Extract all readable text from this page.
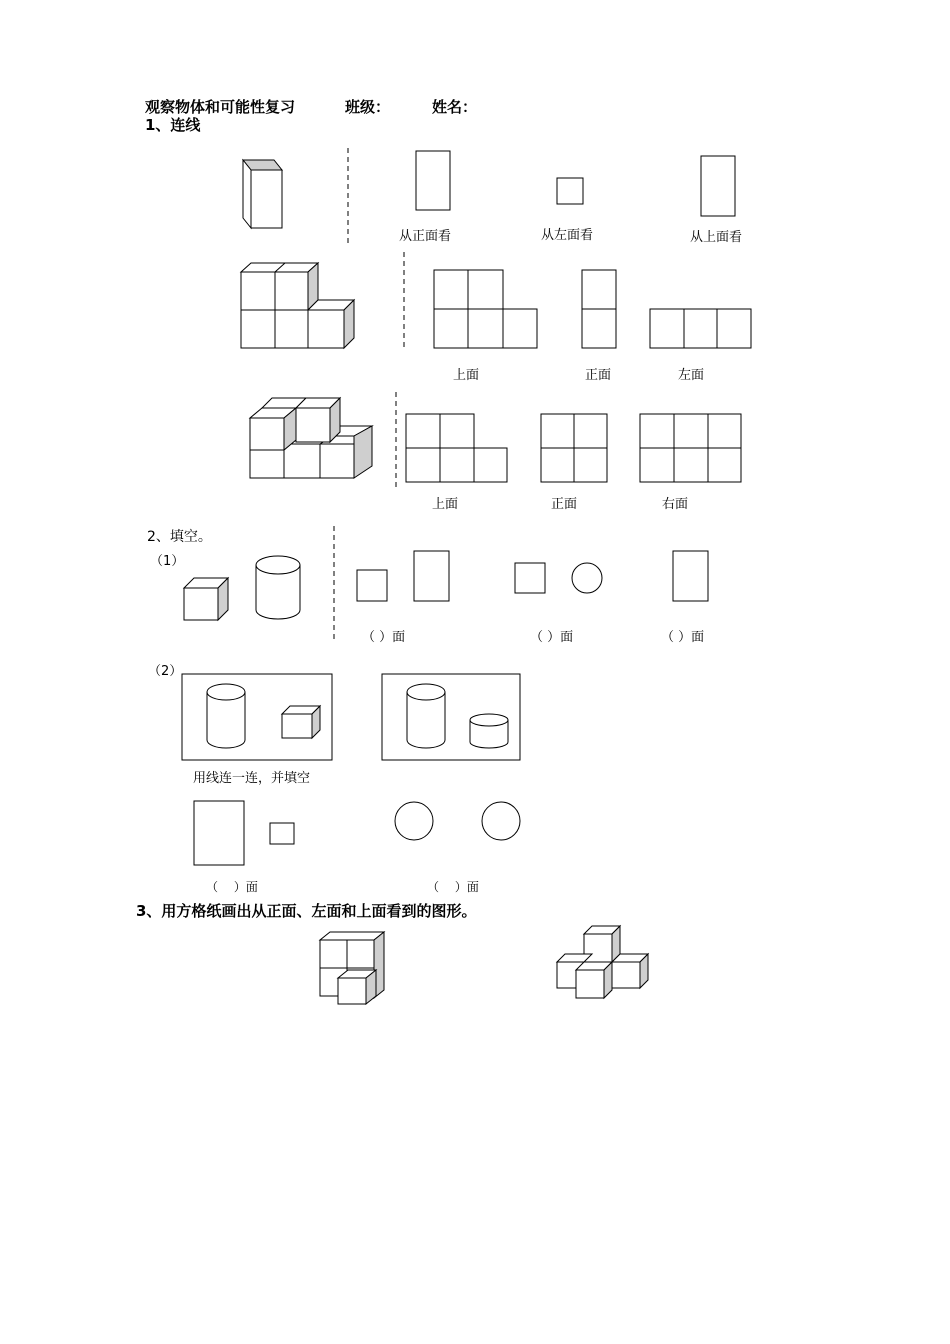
观察物体和可能性复习	班级：	姓名：
1、连线
从正面看	从左面看	从上面看
上面	正面	左面
上面	正面	右面
2、填空。
（1）
（ ）面	（ ）面	（ ）面
（2）
用线连一连，并填空
（　 ）面	（　 ）面
3、用方格纸画出从正面、左面和上面看到的图形。
